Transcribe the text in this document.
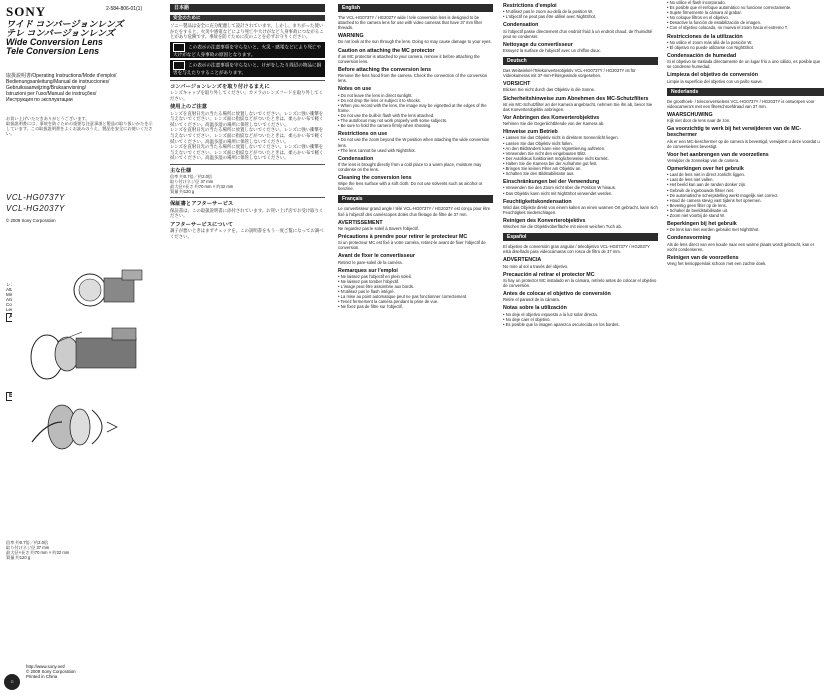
SONY	2-584-806-01(1)
ワイド コンバージョンレンズ
テレ コンバージョンレンズ
Wide Conversion Lens
Tele Conversion Lens
取扱説明書/Operating Instructions/Mode d'emploi/
Bedienungsanleitung/Manual de instrucciones/
Gebruiksaanwijzing/Bruksanvisning/
Istruzioni per l'uso/Manual de instruções/
Инструкция по эксплуатации
お買い上げいただきありがとうございます。
取扱説明書には、事故を防ぐための重要な注意事項と製品の取り扱いかたを示しています。この取扱説明書をよくお読みのうえ、製品を安全にお使いください。
VCL-HG0737Y
VCL-HG2037Y
© 2009 Sony Corporation
レンズを取り付けたところ
Attaching the lens
Mise en place de l'objectif
Anbringen des Objektivs
Colocación del objetivo
Lens bevestigen
A
B
倍率 約0.7倍／約2.0倍
取り付けネジ径 37 mm
最大径×長さ 約70 mm × 約32 mm
質量 約120 g
♲
http://www.sony.net/
© 2009 Sony Corporation
Printed in China
日本語
安全のために
ソニー製品は安全に充分配慮して設計されています。しかし、まちがった使いかたをすると、火災や感電などにより死亡や大けがなど人身事故につながることがあり危険です。事故を防ぐために次のことを必ずお守りください。
この表示の注意事項を守らないと、火災・感電などにより死亡や大けがなど人身事故の原因となります。
この表示の注意事項を守らないと、けがをしたり周辺の物品に損害を与えたりすることがあります。
コンバージョンレンズを取り付けるまえに
レンズキャップを取り外してください。カメラのレンズフードを取り外してください。
使用上のご注意
レンズを直射日光の当たる場所に放置しないでください。レンズに強い衝撃を与えないでください。レンズ面に指紋などがついたときは、柔らかい布で軽く拭いてください。高温多湿の場所に保管しないでください。
レンズを直射日光の当たる場所に放置しないでください。レンズに強い衝撃を与えないでください。レンズ面に指紋などがついたときは、柔らかい布で軽く拭いてください。高温多湿の場所に保管しないでください。
レンズを直射日光の当たる場所に放置しないでください。レンズに強い衝撃を与えないでください。レンズ面に指紋などがついたときは、柔らかい布で軽く拭いてください。高温多湿の場所に保管しないでください。
主な仕様
倍率 約0.7倍／約2.0倍
取り付けネジ径 37 mm
最大径×長さ 約70 mm × 約32 mm
質量 約120 g
保証書とアフターサービス
保証書は、この取扱説明書に添付されています。お買い上げ店でお受け取りください。
アフターサービスについて
調子が悪いときはまずチェックを。この説明書をもう一度ご覧になってお調べください。
English
The VCL-HG0737Y / HG2037Y wide / tele conversion lens is designed to be attached to the camera lens for use with video cameras that have 37 mm filter threads.
WARNING
Do not look at the sun through the lens. Doing so may cause damage to your eyes.
Caution on attaching the MC protector
If an MC protector is attached to your camera, remove it before attaching the conversion lens.
Before attaching the conversion lens
Remove the lens hood from the camera. Check the connection of the conversion lens.
Notes on use
• Do not leave the lens in direct sunlight.
• Do not drop the lens or subject it to shocks.
• When you record with the lens, the image may be vignetted at the edges of the frame.
• Do not use the built-in flash with the lens attached.
• The autofocus may not work properly with some subjects.
• Be sure to hold the camera firmly when shooting.
Restrictions on use
• Do not use the zoom beyond the W position when attaching the wide conversion lens.
• The lens cannot be used with NightShot.
Condensation
If the lens is brought directly from a cold place to a warm place, moisture may condense on the lens.
Cleaning the conversion lens
Wipe the lens surface with a soft cloth. Do not use solvents such as alcohol or benzine.
Français
Le convertisseur grand angle / télé VCL-HG0737Y / HG2037Y est conçu pour être fixé à l'objectif des caméscopes dotés d'un filetage de filtre de 37 mm.
AVERTISSEMENT
Ne regardez pas le soleil à travers l'objectif.
Précautions à prendre pour retirer le protecteur MC
Si un protecteur MC est fixé à votre caméra, retirez-le avant de fixer l'objectif de conversion.
Avant de fixer le convertisseur
Retirez le pare-soleil de la caméra.
Remarques sur l'emploi
• Ne laissez pas l'objectif en plein soleil.
• Ne laissez pas tomber l'objectif.
• L'image peut être assombrie aux bords.
• N'utilisez pas le flash intégré.
• La mise au point automatique peut ne pas fonctionner correctement.
• Tenez fermement la caméra pendant la prise de vue.
• Ne fixez pas de filtre sur l'objectif.
Restrictions d'emploi
• N'utilisez pas le zoom au-delà de la position W.
• L'objectif ne peut pas être utilisé avec NightShot.
Condensation
Si l'objectif passe directement d'un endroit froid à un endroit chaud, de l'humidité peut se condenser.
Nettoyage du convertisseur
Essuyez la surface de l'objectif avec un chiffon doux.
Deutsch
Das Weitwinkel-/Telekonverterobjektiv VCL-HG0737Y / HG2037Y ist für Videokameras mit 37-mm-Filtergewinde vorgesehen.
VORSICHT
Blicken Sie nicht durch das Objektiv in die Sonne.
Sicherheitshinweise zum Abnehmen des MC-Schutzfilters
Ist ein MC-Schutzfilter an der Kamera angebracht, nehmen Sie ihn ab, bevor Sie das Konverterobjektiv anbringen.
Vor Anbringen des Konverterobjektivs
Nehmen Sie die Gegenlichtblende von der Kamera ab.
Hinweise zum Betrieb
• Lassen Sie das Objektiv nicht in direktem Sonnenlicht liegen.
• Lassen Sie das Objektiv nicht fallen.
• An den Bildrändern kann eine Vignettierung auftreten.
• Verwenden Sie nicht den eingebauten Blitz.
• Der Autofokus funktioniert möglicherweise nicht korrekt.
• Halten Sie die Kamera bei der Aufnahme gut fest.
• Bringen Sie keinen Filter am Objektiv an.
• Schalten Sie den Bildstabilisator aus.
Einschränkungen bei der Verwendung
• Verwenden Sie den Zoom nicht über die Position W hinaus.
• Das Objektiv kann nicht mit NightShot verwendet werden.
Feuchtigkeitskondensation
Wird das Objektiv direkt von einem kalten an einen warmen Ort gebracht, kann sich Feuchtigkeit niederschlagen.
Reinigen des Konverterobjektivs
Wischen Sie die Objektivoberfläche mit einem weichen Tuch ab.
Español
El objetivo de conversión gran angular / teleobjetivo VCL-HG0737Y / HG2037Y está diseñado para videocámaras con rosca de filtro de 37 mm.
ADVERTENCIA
No mire al sol a través del objetivo.
Precaución al retirar el protector MC
Si hay un protector MC instalado en la cámara, retírelo antes de colocar el objetivo de conversión.
Antes de colocar el objetivo de conversión
Retire el parasol de la cámara.
Notas sobre la utilización
• No deje el objetivo expuesto a la luz solar directa.
• No deje caer el objetivo.
• Es posible que la imagen aparezca oscurecida en los bordes.
• No utilice el flash incorporado.
• Es posible que el enfoque automático no funcione correctamente.
• Sujete firmemente la cámara al grabar.
• No coloque filtros en el objetivo.
• Desactive la función de estabilización de imagen.
• Con el objetivo colocado, no mueva el zoom hacia el extremo T.
Restricciones de la utilización
• No utilice el zoom más allá de la posición W.
• El objetivo no puede utilizarse con NightShot.
Condensación de humedad
Si el objetivo se traslada directamente de un lugar frío a uno cálido, es posible que se condense humedad.
Limpieza del objetivo de conversión
Limpie la superficie del objetivo con un paño suave.
Nederlands
De groothoek- / teleconversielens VCL-HG0737Y / HG2037Y is ontworpen voor videocamera's met een filterschroefdraad van 37 mm.
WAARSCHUWING
Kijk niet door de lens naar de zon.
Ga voorzichtig te werk bij het verwijderen van de MC-beschermer
Als er een MC-beschermer op de camera is bevestigd, verwijdert u deze voordat u de conversielens bevestigt.
Voor het aanbrengen van de voorzetlens
Verwijder de zonnekap van de camera.
Opmerkingen over het gebruik
• Laat de lens niet in direct zonlicht liggen.
• Laat de lens niet vallen.
• Het beeld kan aan de randen donker zijn.
• Gebruik de ingebouwde flitser niet.
• De automatische scherpstelling werkt mogelijk niet correct.
• Houd de camera stevig vast tijdens het opnemen.
• Bevestig geen filter op de lens.
• Schakel de beeldstabilisatie uit.
• Zoom niet voorbij de stand W.
Beperkingen bij het gebruik
• De lens kan niet worden gebruikt met NightShot.
Condensvorming
Als de lens direct van een koude naar een warme plaats wordt gebracht, kan er vocht condenseren.
Reinigen van de voorzetlens
Veeg het lensoppervlak schoon met een zachte doek.
